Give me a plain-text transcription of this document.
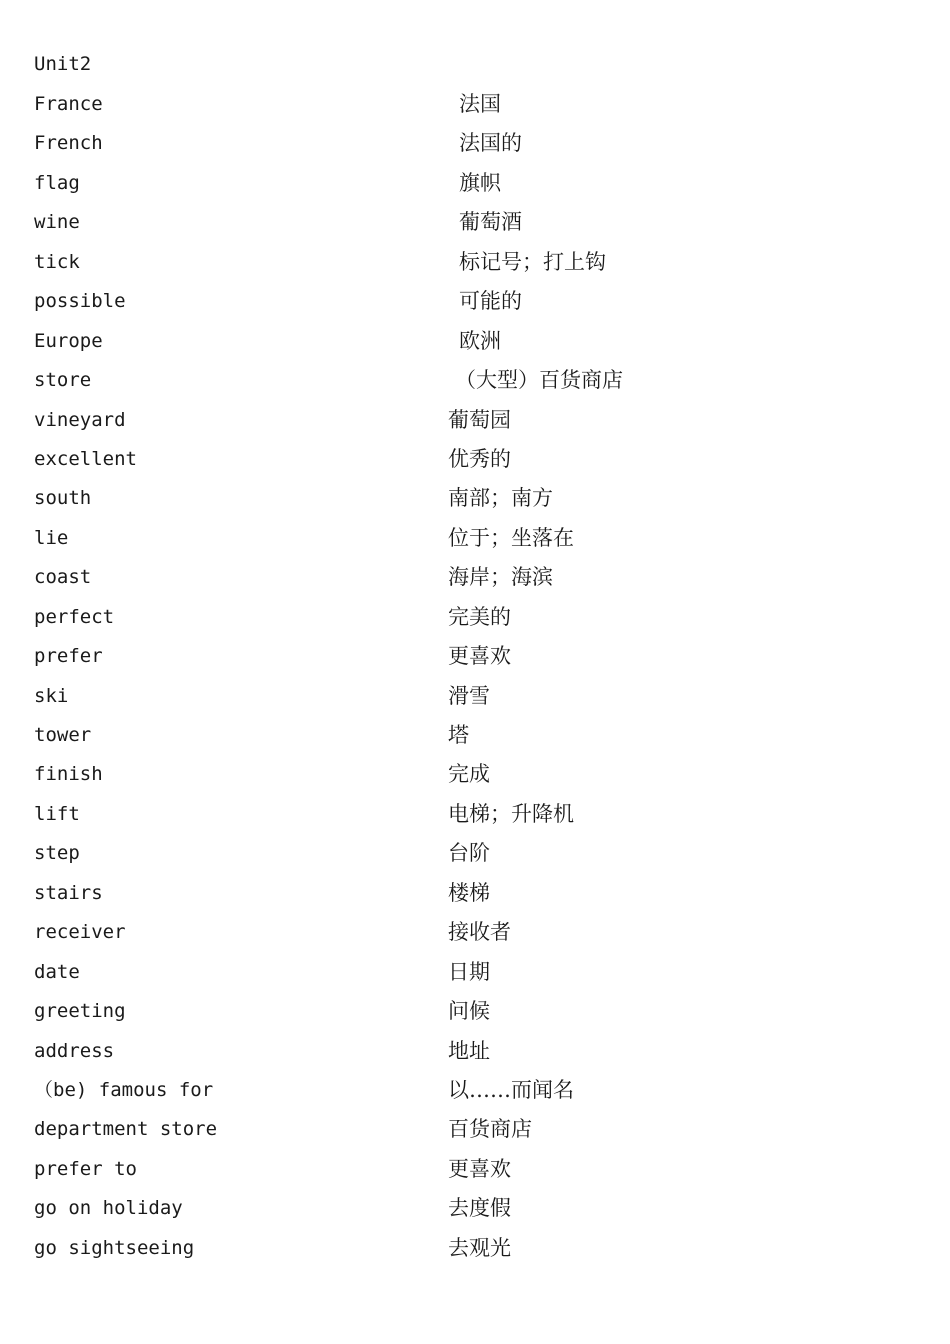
Unit2
France	法国
French	法国的
flag	旗帜
wine	葡萄酒
tick	标记号；打上钩
possible	可能的
Europe	欧洲
store	（大型）百货商店
vineyard	葡萄园
excellent	优秀的
south	南部；南方
lie	位于；坐落在
coast	海岸；海滨
perfect	完美的
prefer	更喜欢
ski	滑雪
tower	塔
finish	完成
lift	电梯；升降机
step	台阶
stairs	楼梯
receiver	接收者
date	日期
greeting	问候
address	地址
（be) famous for	以……而闻名
department store	百货商店
prefer to	更喜欢
go on holiday	去度假
go sightseeing	去观光
